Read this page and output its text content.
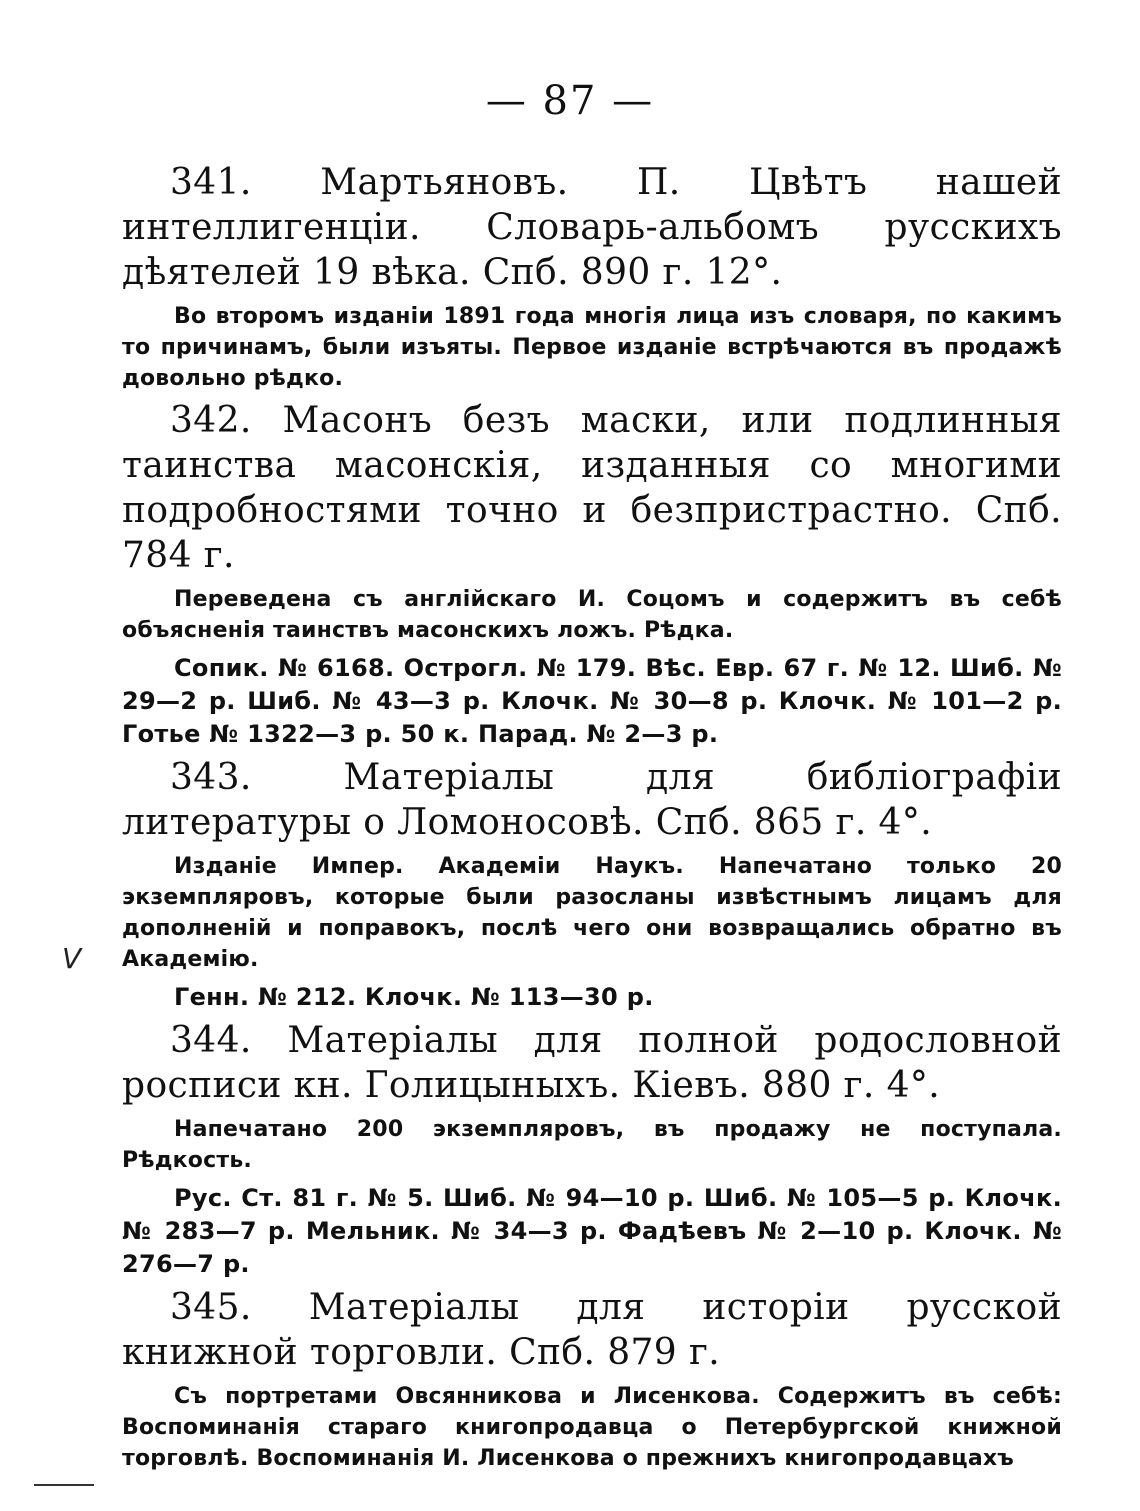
— 87 —
V

341. Мартьяновъ. П. Цвѣтъ нашей интеллигенціи. Словарь-альбомъ русскихъ дѣятелей 19 вѣка. Спб. 890 г. 12°.

Во второмъ изданіи 1891 года многія лица изъ словаря, по какимъ то причинамъ, были изъяты. Первое изданіе встрѣчаются въ продажѣ довольно рѣдко.

342. Масонъ безъ маски, или подлинныя таинства масонскія, изданныя со многими подробностями точно и безпристрастно. Спб. 784 г.

Переведена съ англійскаго И. Соцомъ и содержитъ въ себѣ объясненія таинствъ масонскихъ ложъ. Рѣдка.

Сопик. № 6168. Острогл. № 179. Вѣс. Евр. 67 г. № 12. Шиб. № 29—2 р. Шиб. № 43—3 р. Клочк. № 30—8 р. Клочк. № 101—2 р. Готье № 1322—3 р. 50 к. Парад. № 2—3 р.

343. Матеріалы для библіографіи литературы о Ломоносовѣ. Спб. 865 г. 4°.

Изданіе Импер. Академіи Наукъ. Напечатано только 20 экземпляровъ, которые были разосланы извѣстнымъ лицамъ для дополненій и поправокъ, послѣ чего они возвращались обратно въ Академію.

Генн. № 212. Клочк. № 113—30 р.

344. Матеріалы для полной родословной росписи кн. Голицыныхъ. Кіевъ. 880 г. 4°.

Напечатано 200 экземпляровъ, въ продажу не поступала. Рѣдкость.

Рус. Ст. 81 г. № 5. Шиб. № 94—10 р. Шиб. № 105—5 р. Клочк. № 283—7 р. Мельник. № 34—3 р. Фадѣевъ № 2—10 р. Клочк. № 276—7 р.

345. Матеріалы для исторіи русской книжной торговли. Спб. 879 г.

Съ портретами Овсянникова и Лисенкова. Содержитъ въ себѣ: Воспоминанія стараго книгопродавца о Петербургской книжной торговлѣ. Воспоминанія И. Лисенкова о прежнихъ книгопродавцахъ
